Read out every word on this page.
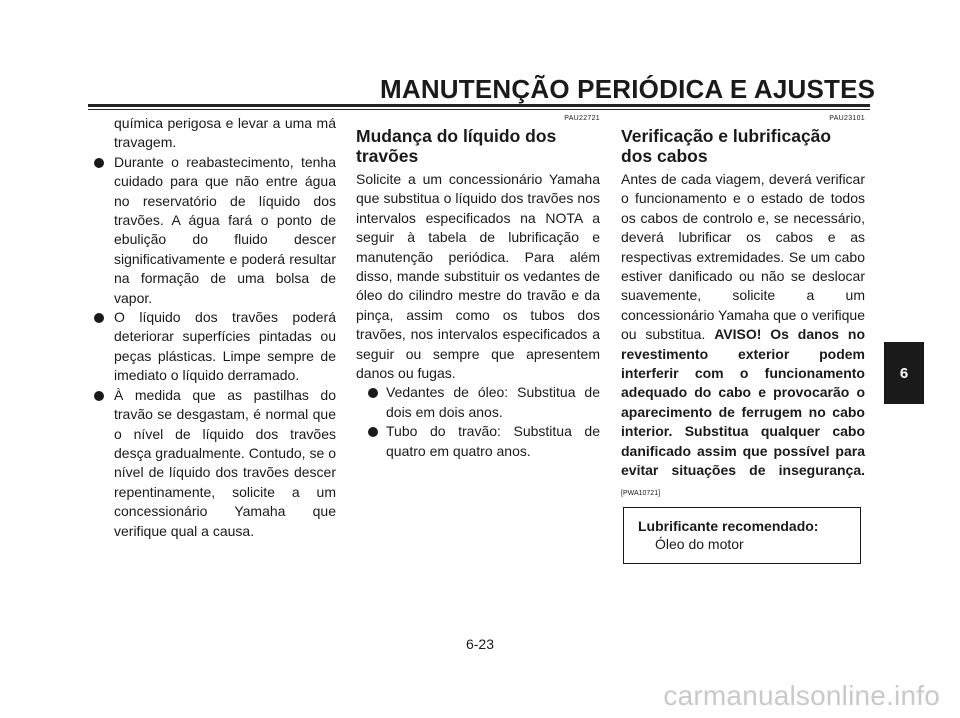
MANUTENÇÃO PERIÓDICA E AJUSTES
química perigosa e levar a uma má travagem.
Durante o reabastecimento, tenha cuidado para que não entre água no reservatório de líquido dos travões. A água fará o ponto de ebulição do fluido descer significativamente e poderá resultar na formação de uma bolsa de vapor.
O líquido dos travões poderá deteriorar superfícies pintadas ou peças plásticas. Limpe sempre de imediato o líquido derramado.
À medida que as pastilhas do travão se desgastam, é normal que o nível de líquido dos travões desça gradualmente. Contudo, se o nível de líquido dos travões descer repentinamente, solicite a um concessionário Yamaha que verifique qual a causa.
PAU22721
Mudança do líquido dos travões
Solicite a um concessionário Yamaha que substitua o líquido dos travões nos intervalos especificados na NOTA a seguir à tabela de lubrificação e manutenção periódica. Para além disso, mande substituir os vedantes de óleo do cilindro mestre do travão e da pinça, assim como os tubos dos travões, nos intervalos especificados a seguir ou sempre que apresentem danos ou fugas.
Vedantes de óleo: Substitua de dois em dois anos.
Tubo do travão: Substitua de quatro em quatro anos.
PAU23101
Verificação e lubrificação dos cabos
Antes de cada viagem, deverá verificar o funcionamento e o estado de todos os cabos de controlo e, se necessário, deverá lubrificar os cabos e as respectivas extremidades. Se um cabo estiver danificado ou não se deslocar suavemente, solicite a um concessionário Yamaha que o verifique ou substitua. AVISO! Os danos no revestimento exterior podem interferir com o funcionamento adequado do cabo e provocarão o aparecimento de ferrugem no cabo interior. Substitua qualquer cabo danificado assim que possível para evitar situações de insegurança. [PWA10721]
Lubrificante recomendado:
Óleo do motor
6
6-23
carmanualsonline.info
